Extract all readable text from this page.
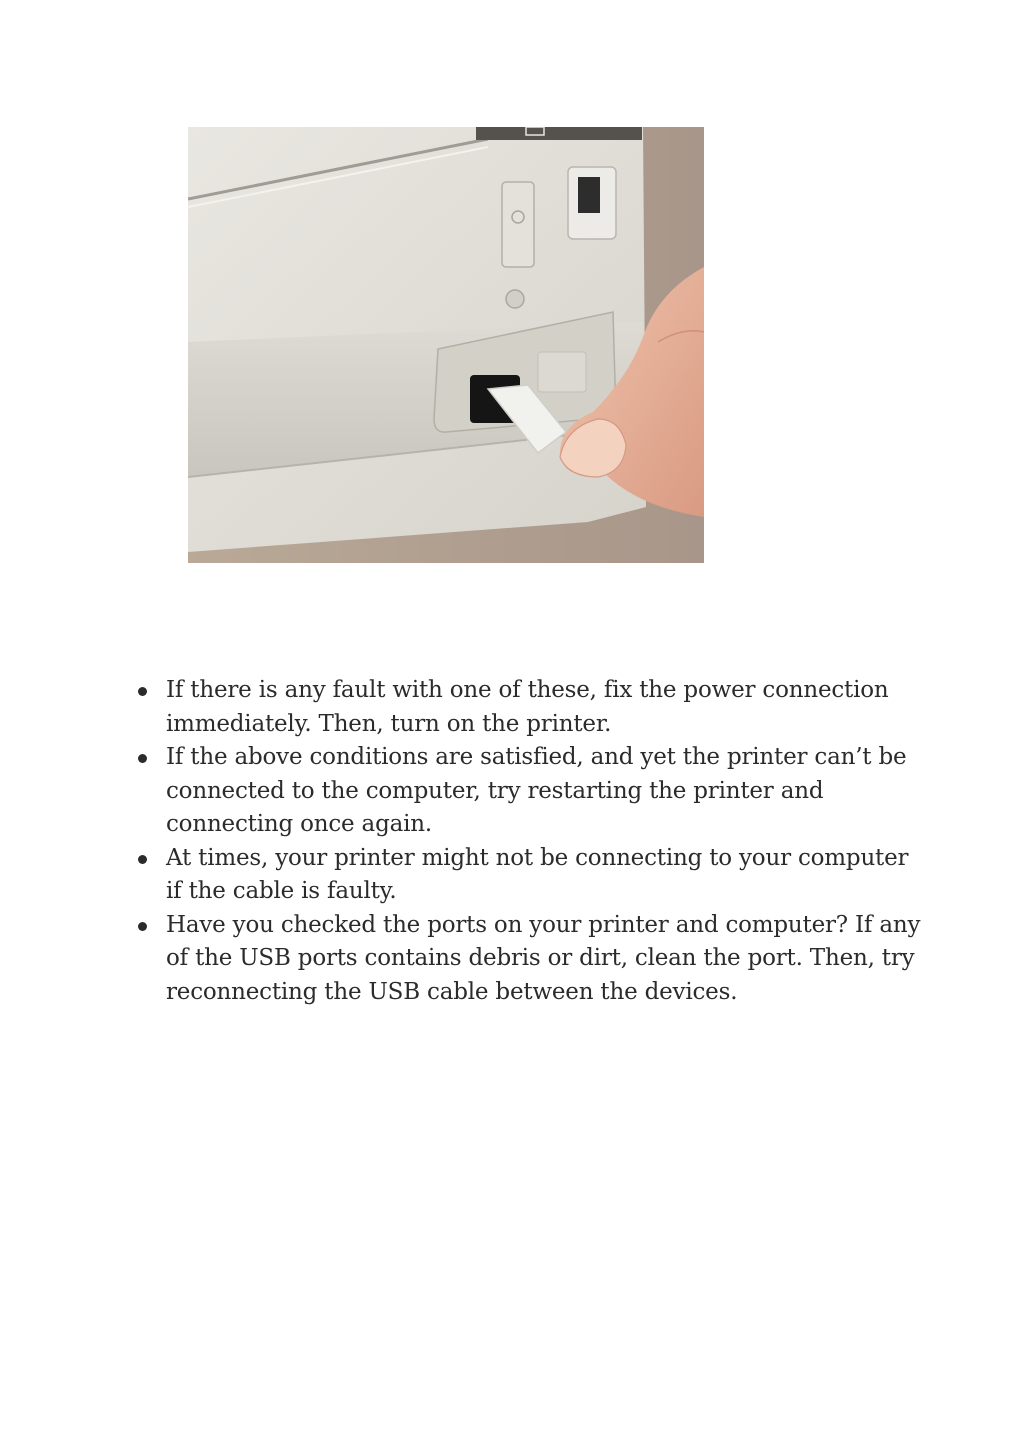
If there is any fault with one of these, fix the power connection immediately. Then, turn on the printer.
If the above conditions are satisfied, and yet the printer can’t be connected to the computer, try restarting the printer and connecting once again.
At times, your printer might not be connecting to your computer if the cable is faulty.
Have you checked the ports on your printer and computer? If any of the USB ports contains debris or dirt, clean the port. Then, try reconnecting the USB cable between the devices.
